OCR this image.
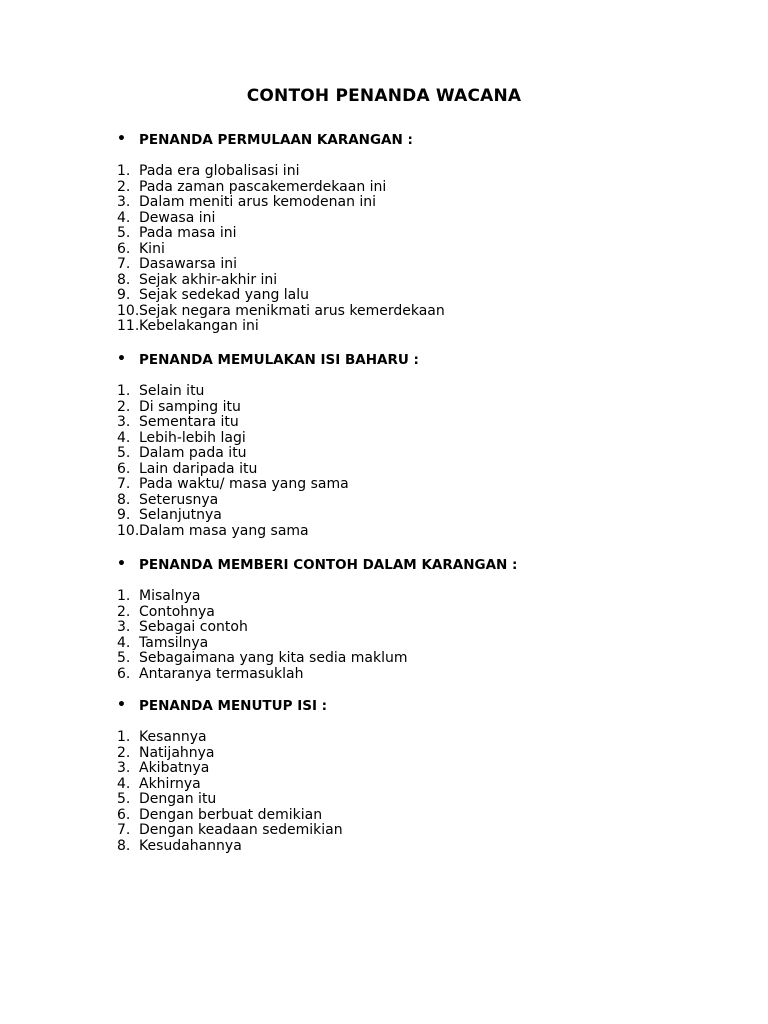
CONTOH PENANDA WACANA
• PENANDA PERMULAAN KARANGAN :
1. Pada era globalisasi ini
2. Pada zaman pascakemerdekaan ini
3. Dalam meniti arus kemodenan ini
4. Dewasa ini
5. Pada masa ini
6. Kini
7. Dasawarsa ini
8. Sejak akhir-akhir ini
9. Sejak sedekad yang lalu
10. Sejak negara menikmati arus kemerdekaan
11. Kebelakangan ini
• PENANDA MEMULAKAN ISI BAHARU :
1. Selain itu
2. Di samping itu
3. Sementara itu
4. Lebih-lebih lagi
5. Dalam pada itu
6. Lain daripada itu
7. Pada waktu/ masa yang sama
8. Seterusnya
9. Selanjutnya
10. Dalam masa yang sama
• PENANDA MEMBERI CONTOH DALAM KARANGAN :
1. Misalnya
2. Contohnya
3. Sebagai contoh
4. Tamsilnya
5. Sebagaimana yang kita sedia maklum
6. Antaranya termasuklah
• PENANDA MENUTUP ISI :
1. Kesannya
2. Natijahnya
3. Akibatnya
4. Akhirnya
5. Dengan itu
6. Dengan berbuat demikian
7. Dengan keadaan sedemikian
8. Kesudahannya
